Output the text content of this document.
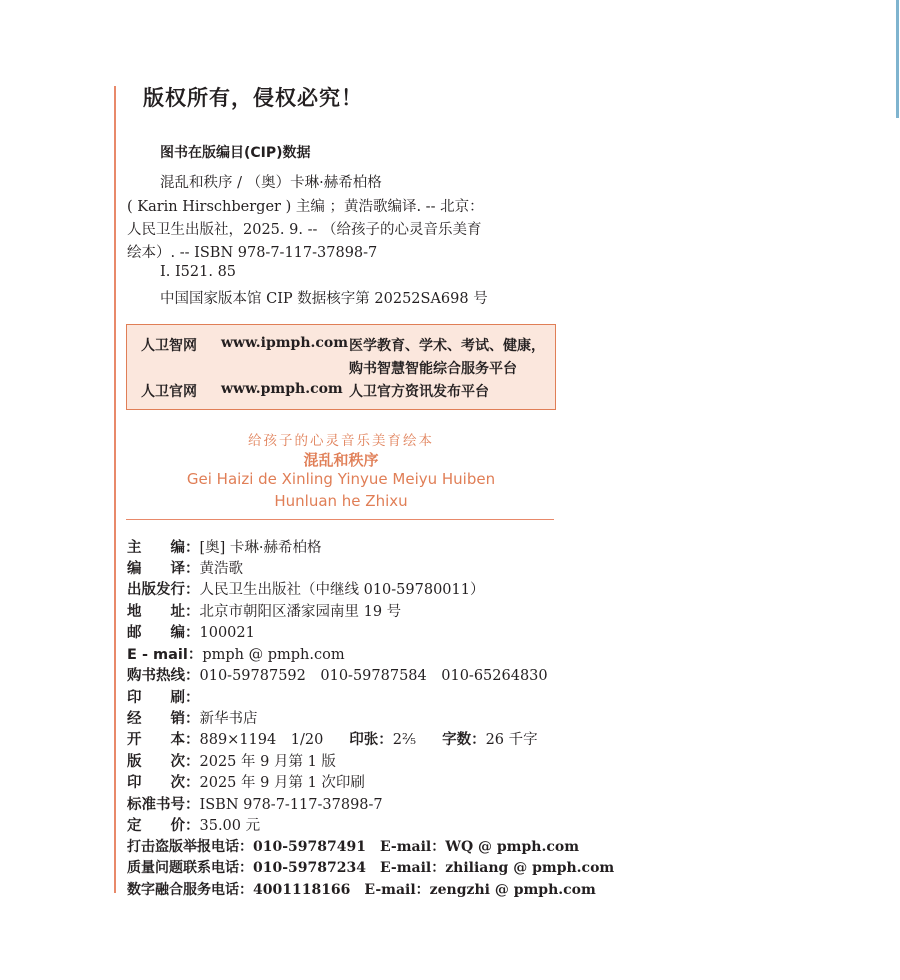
版权所有，侵权必究！
图书在版编目(CIP)数据
混乱和秩序 / （奥）卡琳·赫希柏格
( Karin Hirschberger ) 主编 ；黄浩歌编译. -- 北京：
人民卫生出版社，2025. 9. -- （给孩子的心灵音乐美育
绘本）. -- ISBN 978-7-117-37898-7
Ⅰ. I521. 85
中国国家版本馆 CIP 数据核字第 20252SA698 号
人卫智网 www.ipmph.com 医学教育、学术、考试、健康，
购书智慧智能综合服务平台
人卫官网 www.pmph.com 人卫官方资讯发布平台
给孩子的心灵音乐美育绘本
混乱和秩序
Gei Haizi de Xinling Yinyue Meiyu Huiben
Hunluan he Zhixu
主　　编：[奥] 卡琳·赫希柏格
编　　译：黄浩歌
出版发行：人民卫生出版社（中继线 010-59780011）
地　　址：北京市朝阳区潘家园南里 19 号
邮　　编：100021
E - mail：pmph @ pmph.com
购书热线：010-59787592　010-59787584　010-65264830
印　　刷：
经　　销：新华书店
开　　本：889×1194　1/20 印张：2⅖ 字数：26 千字
版　　次：2025 年 9 月第 1 版
印　　次：2025 年 9 月第 1 次印刷
标准书号：ISBN 978-7-117-37898-7
定　　价：35.00 元
打击盗版举报电话：010-59787491　E-mail：WQ @ pmph.com
质量问题联系电话：010-59787234　E-mail：zhiliang @ pmph.com
数字融合服务电话：4001118166　E-mail：zengzhi @ pmph.com
